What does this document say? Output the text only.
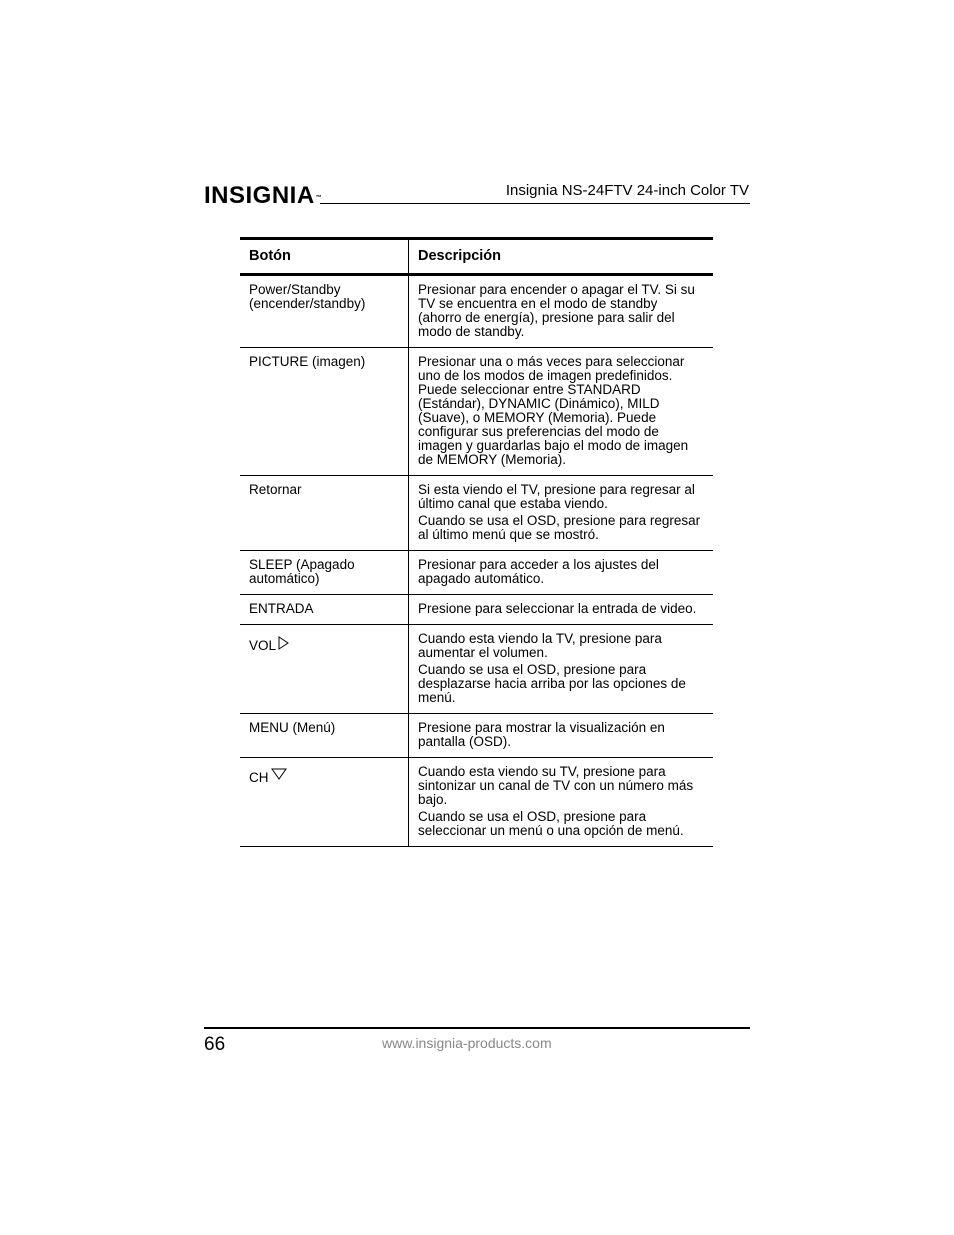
INSIGNIA™	Insignia NS-24FTV 24-inch Color TV
Botón	Descripción
Power/Standby
(encender/standby)	Presionar para encender o apagar el TV. Si su TV se encuentra en el modo de standby (ahorro de energía), presione para salir del modo de standby.

PICTURE (imagen)	Presionar una o más veces para seleccionar uno de los modos de imagen predefinidos. Puede seleccionar entre STANDARD (Estándar), DYNAMIC (Dinámico), MILD (Suave), o MEMORY (Memoria). Puede configurar sus preferencias del modo de imagen y guardarlas bajo el modo de imagen de MEMORY (Memoria).

Retornar	Si esta viendo el TV, presione para regresar al último canal que estaba viendo.
Cuando se usa el OSD, presione para regresar al último menú que se mostró.

SLEEP (Apagado
automático)	Presionar para acceder a los ajustes del apagado automático.

ENTRADA	Presione para seleccionar la entrada de video.

VOL	Cuando esta viendo la TV, presione para aumentar el volumen.
Cuando se usa el OSD, presione para desplazarse hacia arriba por las opciones de menú.

MENU (Menú)	Presione para mostrar la visualización en pantalla (OSD).

CH	Cuando esta viendo su TV, presione para sintonizar un canal de TV con un número más bajo.
Cuando se usa el OSD, presione para seleccionar un menú o una opción de menú.
66	www.insignia-products.com
